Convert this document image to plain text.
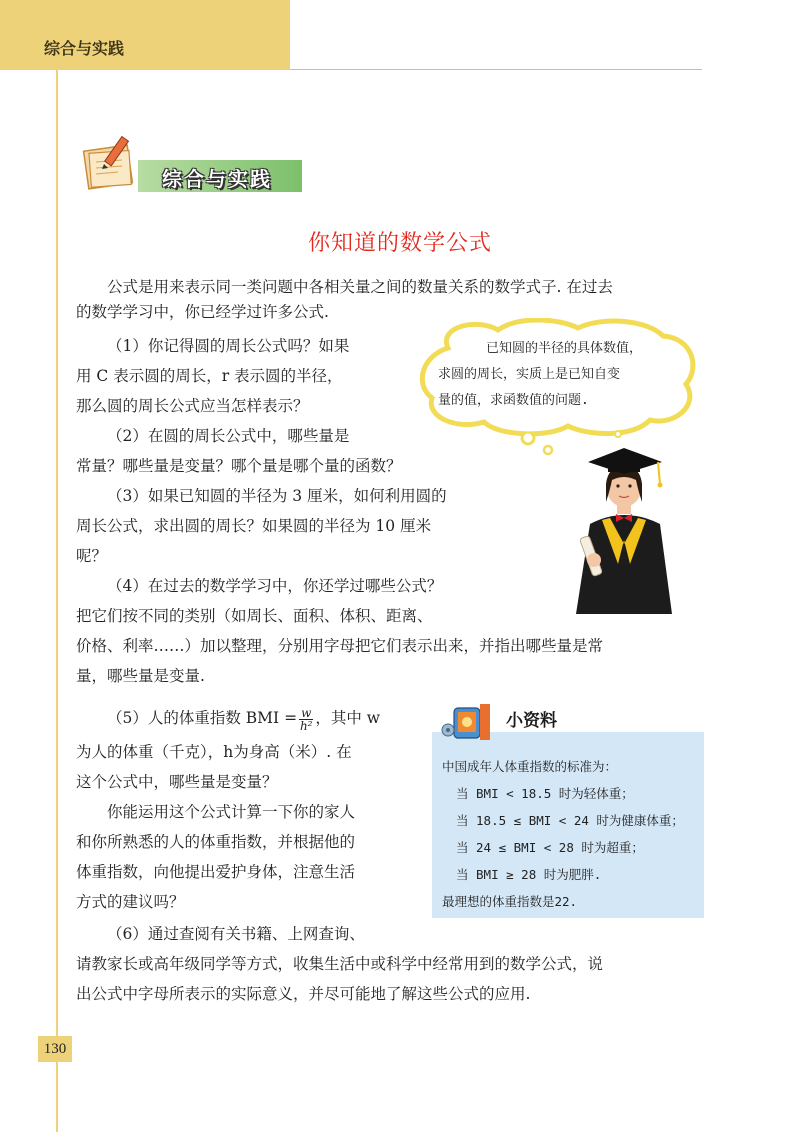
综合与实践
综合与实践
你知道的数学公式
公式是用来表示同一类问题中各相关量之间的数量关系的数学式子. 在过去
的数学学习中，你已经学过许多公式.
（1）你记得圆的周长公式吗？如果
用 C 表示圆的周长，r 表示圆的半径，
那么圆的周长公式应当怎样表示？
（2）在圆的周长公式中，哪些量是
常量？哪些量是变量？哪个量是哪个量的函数？
（3）如果已知圆的半径为 3 厘米，如何利用圆的
周长公式，求出圆的周长？如果圆的半径为 10 厘米
呢？
（4）在过去的数学学习中，你还学过哪些公式？
把它们按不同的类别（如周长、面积、体积、距离、
价格、利率……）加以整理，分别用字母把它们表示出来，并指出哪些量是常
量，哪些量是变量.
（5）人的体重指数 BMI = $\frac{w}{\text{h²}}$ ，其中 w
为人的体重（千克），h为身高（米）. 在
这个公式中，哪些量是变量？
你能运用这个公式计算一下你的家人
和你所熟悉的人的体重指数，并根据他的
体重指数，向他提出爱护身体，注意生活
方式的建议吗？
（6）通过查阅有关书籍、上网查询、
请教家长或高年级同学等方式，收集生活中或科学中经常用到的数学公式，说
出公式中字母所表示的实际意义，并尽可能地了解这些公式的应用.
已知圆的半径的具体数值，
求圆的周长，实质上是已知自变
量的值，求函数值的问题.
小资料
中国成年人体重指数的标准为：
当 BMI < 18.5 时为轻体重；
当 18.5 ≤ BMI < 24 时为健康体重；
当 24 ≤ BMI < 28 时为超重；
当 BMI ≥ 28 时为肥胖.
最理想的体重指数是22.
130
